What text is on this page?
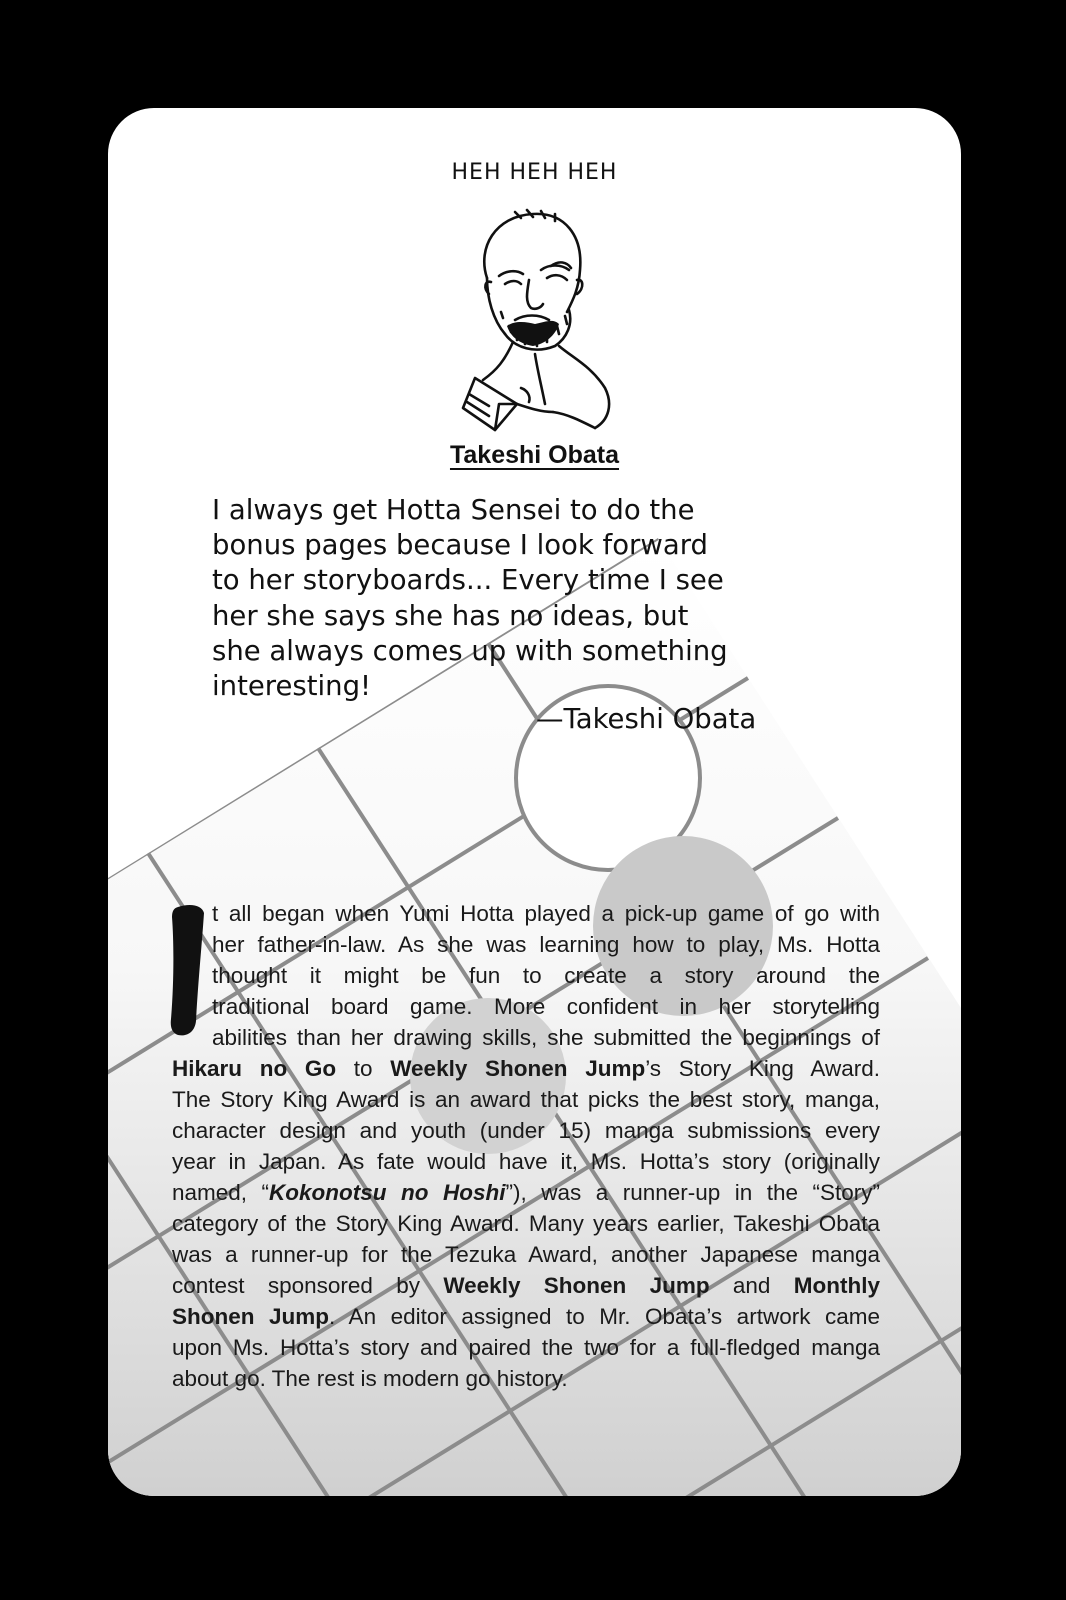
HEH HEH HEH
Takeshi Obata
I always get Hotta Sensei to do the
bonus pages because I look forward
to her storyboards... Every time I see
her she says she has no ideas, but
she always comes up with something
interesting!
—Takeshi Obata
t all began when Yumi Hotta played a pick-up game of go with
her father-in-law. As she was learning how to play, Ms. Hotta
thought it might be fun to create a story around the
traditional board game. More confident in her storytelling
abilities than her drawing skills, she submitted the beginnings of
Hikaru no Go to Weekly Shonen Jump’s Story King Award.
The Story King Award is an award that picks the best story, manga,
character design and youth (under 15) manga submissions every
year in Japan. As fate would have it, Ms. Hotta’s story (originally
named, “Kokonotsu no Hoshi”), was a runner-up in the “Story”
category of the Story King Award. Many years earlier, Takeshi Obata
was a runner-up for the Tezuka Award, another Japanese manga
contest sponsored by Weekly Shonen Jump and Monthly
Shonen Jump. An editor assigned to Mr. Obata’s artwork came
upon Ms. Hotta’s story and paired the two for a full-fledged manga
about go. The rest is modern go history.
